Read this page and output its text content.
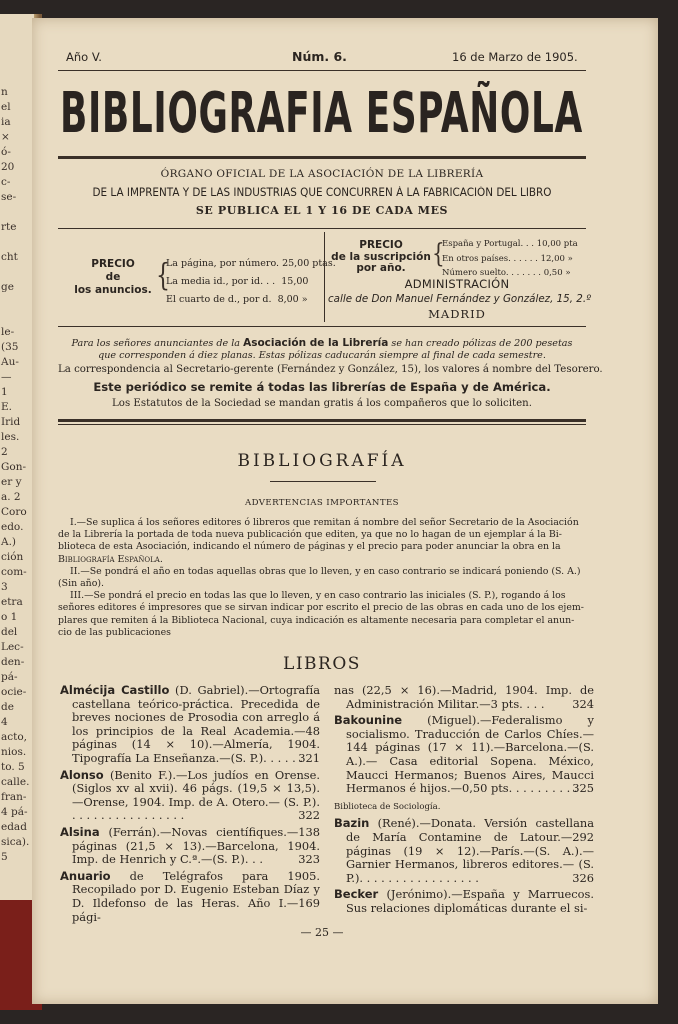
n
el
ia
×
ó-
20
c-
se-
rte
cht
ge
le-
(35
Au-
—
1
E.
Irid
les.
2
Gon-
er y
a. 2
Coro
edo.
A.)
ción
com-
3
etra
o 1
del
Lec-
den-
pá-
ocie-
de
4
acto,
nios.
to. 5
calle.
fran-
4 pá-
edad
sica).
5
Año V.	Núm. 6.	16 de Marzo de 1905.
BIBLIOGRAFIA ESPAÑOLA
ÓRGANO OFICIAL DE LA ASOCIACIÓN DE LA LIBRERÍA
DE LA IMPRENTA Y DE LAS INDUSTRIAS QUE CONCURREN Á LA FABRICACIÓN DEL LIBRO
SE PUBLICA EL 1 Y 16 DE CADA MES
PRECIO
de
los anuncios. {
La página, por número. 25,00 ptas.
La media id., por id. . . 15,00
El cuarto de d., por d. 8,00 »
PRECIO
de la suscripción
por año.	{
España y Portugal. . . 10,00 pta
En otros países. . . . . . 12,00 »
Número suelto. . . . . . . 0,50 »
ADMINISTRACIÓN
calle de Don Manuel Fernández y González, 15, 2.º
MADRID
Para los señores anunciantes de la Asociación de la Librería se han creado pólizas de 200 pesetas
que corresponden á diez planas. Estas pólizas caducarán siempre al final de cada semestre.
La correspondencia al Secretario-gerente (Fernández y González, 15), los valores á nombre del Tesorero.
Este periódico se remite á todas las librerías de España y de América.
Los Estatutos de la Sociedad se mandan gratis á los compañeros que lo soliciten.
BIBLIOGRAFÍA
ADVERTENCIAS IMPORTANTES
I.—Se suplica á los señores editores ó libreros que remitan á nombre del señor Secretario de la Asociación
de la Librería la portada de toda nueva publicación que editen, ya que no lo hagan de un ejemplar á la Bi-
blioteca de esta Asociación, indicando el número de páginas y el precio para poder anunciar la obra en la
Bibliografía Española.
II.—Se pondrá el año en todas aquellas obras que lo lleven, y en caso contrario se indicará poniendo (S. A.)
(Sin año).
III.—Se pondrá el precio en todas las que lo lleven, y en caso contrario las iniciales (S. P.), rogando á los
señores editores é impresores que se sirvan indicar por escrito el precio de las obras en cada uno de los ejem-
plares que remiten á la Biblioteca Nacional, cuya indicación es altamente necesaria para completar el anun-
cio de las publicaciones
LIBROS
Almécija Castillo (D. Gabriel).—Ortografía castellana teórico-práctica. Precedida de breves nociones de Prosodia con arreglo á los principios de la Real Academia.—48 páginas (14 × 10).—Almería, 1904. Tipografía La Enseñanza.—(S. P.). . . . . .
321
Alonso (Benito F.).—Los judíos en Orense. (Siglos xv al xvii). 46 págs. (19,5 × 13,5). —Orense, 1904. Imp. de A. Otero.— (S. P.). . . . . . . . . . . . . . . . .	322
Alsina (Ferrán).—Novas científiques.—138 páginas (21,5 × 13).—Barcelona, 1904. Imp. de Henrich y C.ª.—(S. P.). . .	323
Anuario de Telégrafos para 1905. Recopilado por D. Eugenio Esteban Díaz y D. Ildefonso de las Heras. Año I.—169 pági-
nas (22,5 × 16).—Madrid, 1904. Imp. de Administración Militar.—3 pts. . . . 324
Bakounine (Miguel).—Federalismo y socialismo. Traducción de Carlos Chíes.—144 páginas (17 × 11).—Barcelona.—(S. A.).— Casa editorial Sopena. México, Maucci Hermanos; Buenos Aires, Maucci Hermanos é hijos.—0,50 pts. . . . . . . . . .
325
Biblioteca de Sociología.
Bazin (René).—Donata. Versión castellana de María Contamine de Latour.—292 páginas (19 × 12).—París.—(S. A.).— Garnier Hermanos, libreros editores.— (S. P.). . . . . . . . . . . . . . . . .	326
Becker (Jerónimo).—España y Marruecos. Sus relaciones diplomáticas durante el si-
— 25 —
